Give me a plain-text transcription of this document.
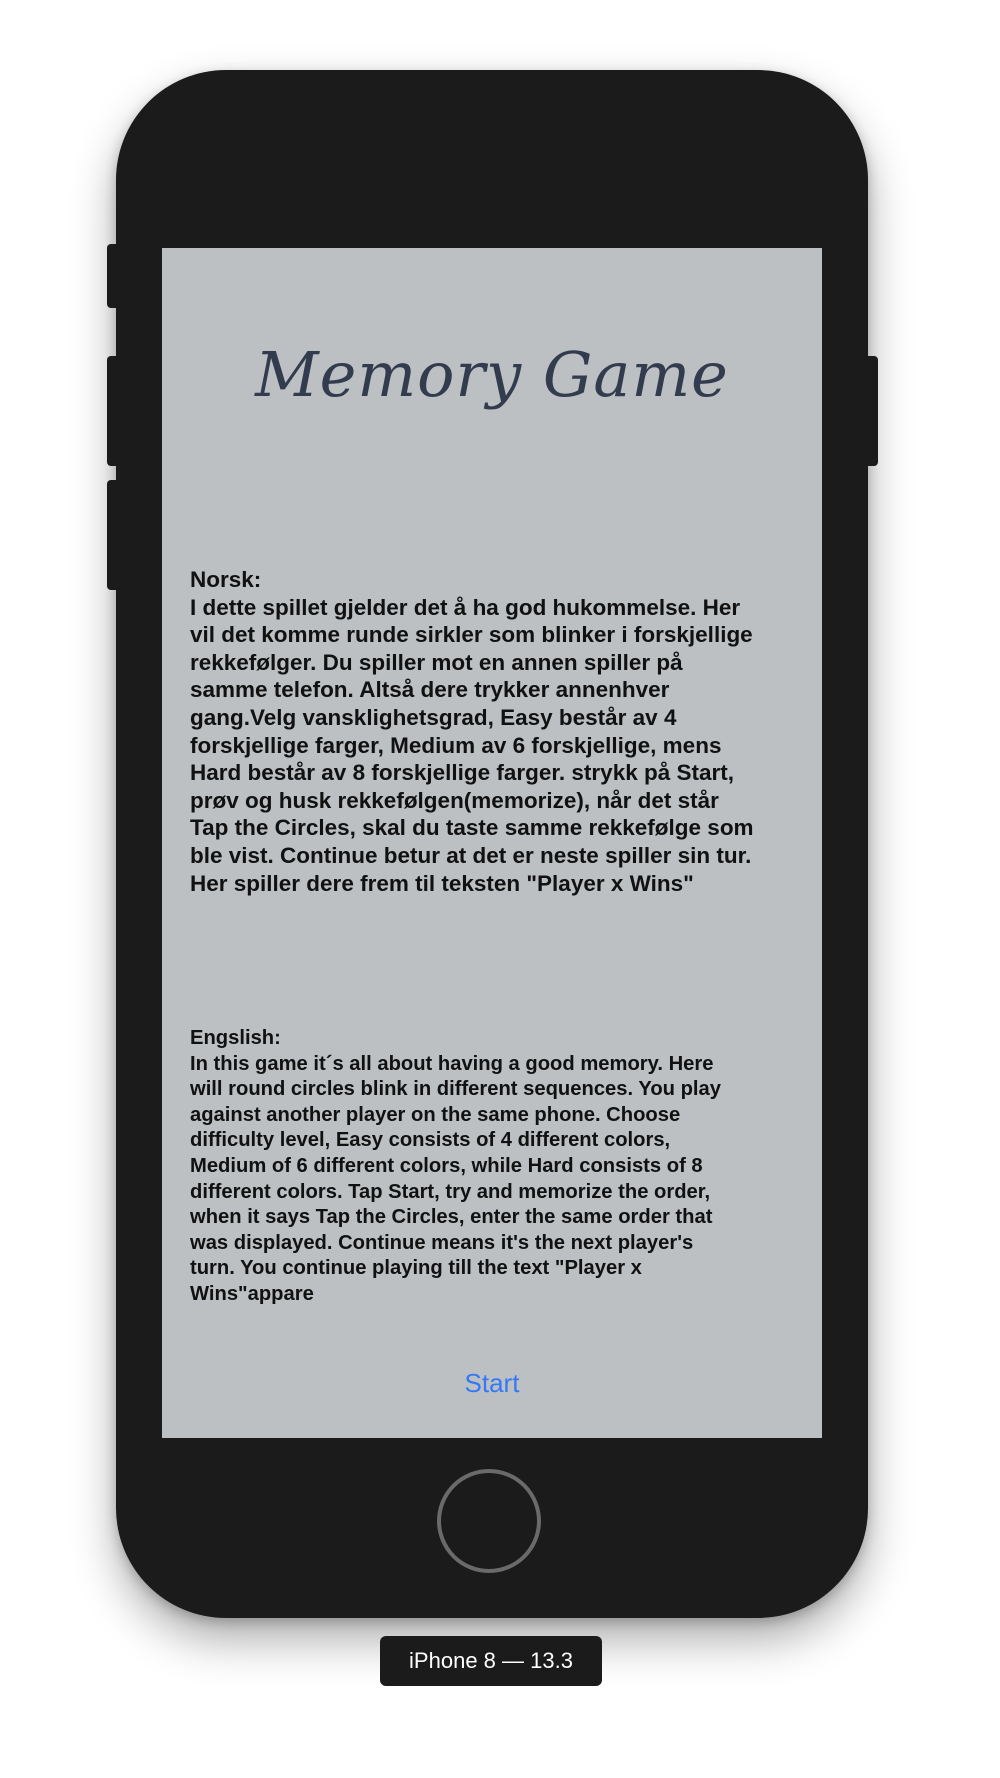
Memory Game
Norsk:
I dette spillet gjelder det å ha god hukommelse. Her
vil det komme runde sirkler som blinker i forskjellige
rekkefølger. Du spiller mot en annen spiller på
samme telefon. Altså dere trykker annenhver
gang.Velg vansklighetsgrad, Easy består av 4
forskjellige farger, Medium av 6 forskjellige, mens
Hard består av 8 forskjellige farger. strykk på Start,
prøv og husk rekkefølgen(memorize), når det står
Tap the Circles, skal du taste samme rekkefølge som
ble vist. Continue betur at det er neste spiller sin tur.
Her spiller dere frem til teksten "Player x Wins"
Engslish:
In this game it´s all about having a good memory. Here
will round circles blink in different sequences. You play
against another player on the same phone. Choose
difficulty level, Easy consists of 4 different colors,
Medium of 6 different colors, while Hard consists of 8
different colors. Tap Start, try and memorize the order,
when it says Tap the Circles, enter the same order that
was displayed. Continue means it's the next player's
turn. You continue playing till the text "Player x
Wins"appare
Start
iPhone 8 — 13.3
